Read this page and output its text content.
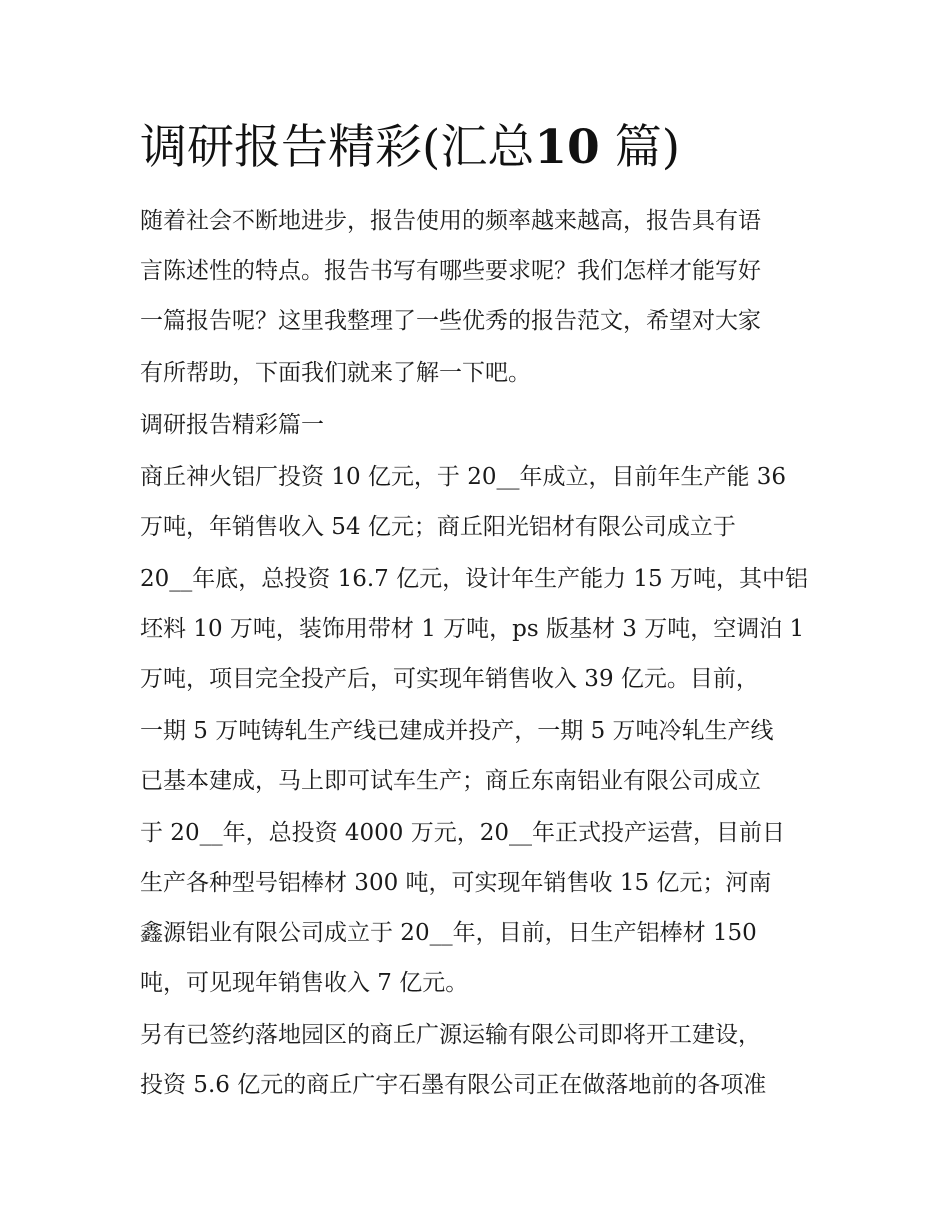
调研报告精彩(汇总10 篇)

随着社会不断地进步，报告使用的频率越来越高，报告具有语

言陈述性的特点。报告书写有哪些要求呢？我们怎样才能写好

一篇报告呢？这里我整理了一些优秀的报告范文，希望对大家

有所帮助，下面我们就来了解一下吧。

调研报告精彩篇一

商丘神火铝厂投资 10 亿元，于 20__年成立，目前年生产能 36

万吨，年销售收入 54 亿元；商丘阳光铝材有限公司成立于

20__年底，总投资 16.7 亿元，设计年生产能力 15 万吨，其中铝

坯料 10 万吨，装饰用带材 1 万吨，ps 版基材 3 万吨，空调泊 1

万吨，项目完全投产后，可实现年销售收入 39 亿元。目前，

一期 5 万吨铸轧生产线已建成并投产，一期 5 万吨冷轧生产线

已基本建成，马上即可试车生产；商丘东南铝业有限公司成立

于 20__年，总投资 4000 万元，20__年正式投产运营，目前日

生产各种型号铝棒材 300 吨，可实现年销售收 15 亿元；河南

鑫源铝业有限公司成立于 20__年，目前，日生产铝棒材 150

吨，可见现年销售收入 7 亿元。

另有已签约落地园区的商丘广源运输有限公司即将开工建设，

投资 5.6 亿元的商丘广宇石墨有限公司正在做落地前的各项准
